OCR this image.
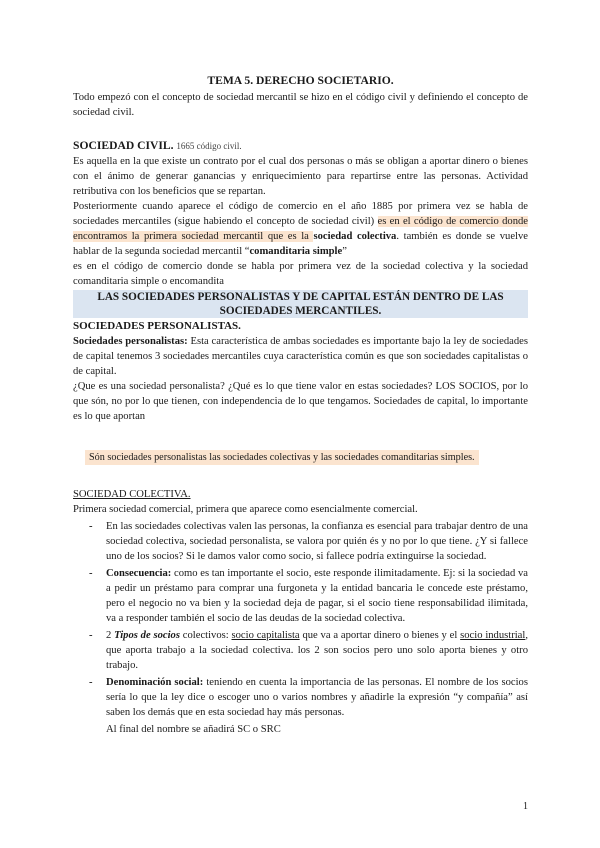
TEMA 5. DERECHO SOCIETARIO.

Todo empezó con el concepto de sociedad mercantil se hizo en el código civil y definiendo el concepto de sociedad civil.

SOCIEDAD CIVIL. 1665 código civil.

Es aquella en la que existe un contrato por el cual dos personas o más se obligan a aportar dinero o bienes con el ánimo de generar ganancias y enriquecimiento para repartirse entre las personas. Actividad retributiva con los beneficios que se repartan.

Posteriormente cuando aparece el código de comercio en el año 1885 por primera vez se habla de sociedades mercantiles (sigue habiendo el concepto de sociedad civil) es en el código de comercio donde encontramos la primera sociedad mercantil que es la sociedad colectiva. también es donde se vuelve hablar de la segunda sociedad mercantil “comanditaria simple”

es en el código de comercio donde se habla por primera vez de la sociedad colectiva y la sociedad comanditaria simple o encomandita

LAS SOCIEDADES PERSONALISTAS Y DE CAPITAL ESTÁN DENTRO DE LAS
SOCIEDADES MERCANTILES.

SOCIEDADES PERSONALISTAS.

Sociedades personalistas: Esta característica de ambas sociedades es importante bajo la ley de sociedades de capital tenemos 3 sociedades mercantiles cuya característica común es que son sociedades capitalistas o de capital.

¿Que es una sociedad personalista? ¿Qué es lo que tiene valor en estas sociedades? LOS SOCIOS, por lo que són, no por lo que tienen, con independencia de lo que tengamos. Sociedades de capital, lo importante es lo que aportan

Són sociedades personalistas las sociedades colectivas y las sociedades comanditarias simples.

SOCIEDAD COLECTIVA.

Primera sociedad comercial, primera que aparece como esencialmente comercial.

- En las sociedades colectivas valen las personas, la confianza es esencial para trabajar dentro de una sociedad colectiva, sociedad personalista, se valora por quién és y no por lo que tiene. ¿Y si fallece uno de los socios? Si le damos valor como socio, si fallece podría extinguirse la sociedad.
- Consecuencia: como es tan importante el socio, este responde ilimitadamente. Ej: si la sociedad va a pedir un préstamo para comprar una furgoneta y la entidad bancaria le concede este préstamo, pero el negocio no va bien y la sociedad deja de pagar, si el socio tiene responsabilidad ilimitada, va a responder también el socio de las deudas de la sociedad colectiva.
- 2 Tipos de socios colectivos: socio capitalista que va a aportar dinero o bienes y el socio industrial, que aporta trabajo a la sociedad colectiva. los 2 son socios pero uno solo aporta bienes y otro trabajo.
- Denominación social: teniendo en cuenta la importancia de las personas. El nombre de los socios sería lo que la ley dice o escoger uno o varios nombres y añadirle la expresión “y compañía” así saben los demás que en esta sociedad hay más personas.

Al final del nombre se añadirá SC o SRC

1
